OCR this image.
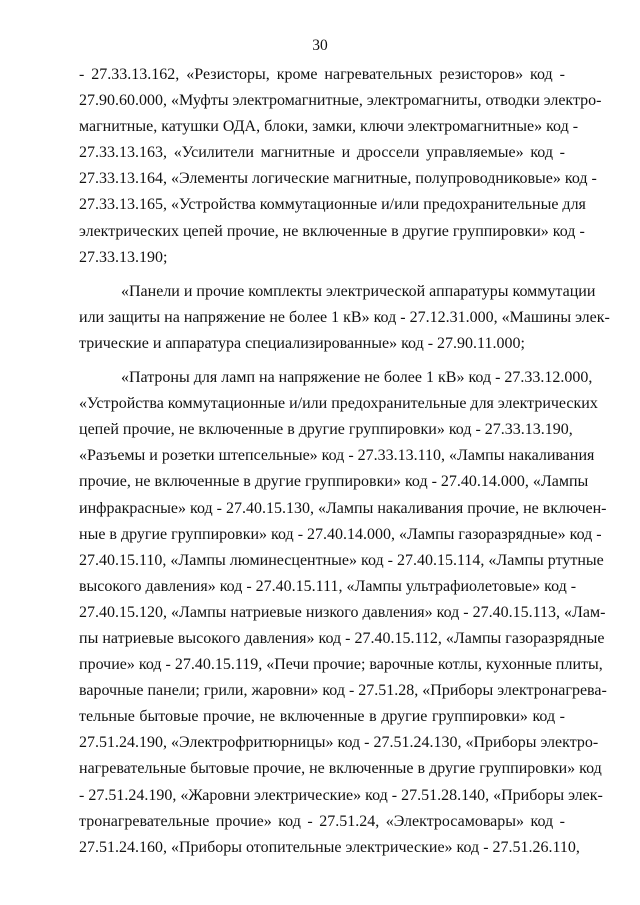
30

- 27.33.13.162, «Резисторы, кроме нагревательных резисторов» код -
27.90.60.000, «Муфты электромагнитные, электромагниты, отводки электро-
магнитные, катушки ОДА, блоки, замки, ключи электромагнитные» код -
27.33.13.163, «Усилители магнитные и дроссели управляемые» код -
27.33.13.164, «Элементы логические магнитные, полупроводниковые» код -
27.33.13.165, «Устройства коммутационные и/или предохранительные для
электрических цепей прочие, не включенные в другие группировки» код -
27.33.13.190;

«Панели и прочие комплекты электрической аппаратуры коммутации
или защиты на напряжение не более 1 кВ» код - 27.12.31.000, «Машины элек-
трические и аппаратура специализированные» код - 27.90.11.000;

«Патроны для ламп на напряжение не более 1 кВ» код - 27.33.12.000,
«Устройства коммутационные и/или предохранительные для электрических
цепей прочие, не включенные в другие группировки» код - 27.33.13.190,
«Разъемы и розетки штепсельные» код - 27.33.13.110, «Лампы накаливания
прочие, не включенные в другие группировки» код - 27.40.14.000, «Лампы
инфракрасные» код - 27.40.15.130, «Лампы накаливания прочие, не включен-
ные в другие группировки» код - 27.40.14.000, «Лампы газоразрядные» код -
27.40.15.110, «Лампы люминесцентные» код - 27.40.15.114, «Лампы ртутные
высокого давления» код - 27.40.15.111, «Лампы ультрафиолетовые» код -
27.40.15.120, «Лампы натриевые низкого давления» код - 27.40.15.113, «Лам-
пы натриевые высокого давления» код - 27.40.15.112, «Лампы газоразрядные
прочие» код - 27.40.15.119, «Печи прочие; варочные котлы, кухонные плиты,
варочные панели; грили, жаровни» код - 27.51.28, «Приборы электронагрева-
тельные бытовые прочие, не включенные в другие группировки» код -
27.51.24.190, «Электрофритюрницы» код - 27.51.24.130, «Приборы электро-
нагревательные бытовые прочие, не включенные в другие группировки» код
- 27.51.24.190, «Жаровни электрические» код - 27.51.28.140, «Приборы элек-
тронагревательные прочие» код - 27.51.24, «Электросамовары» код -
27.51.24.160, «Приборы отопительные электрические» код - 27.51.26.110,
